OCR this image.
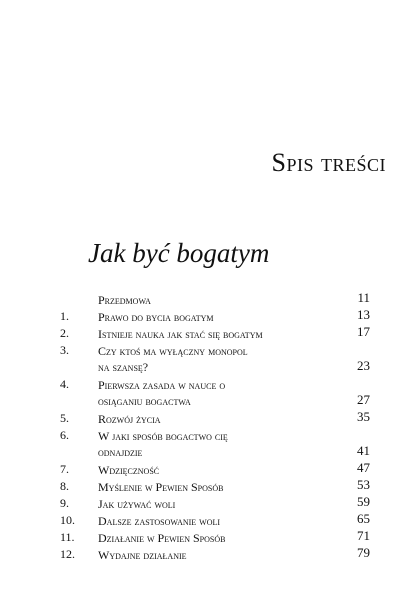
Spis treści
Jak być bogatym
Przedmowa	11
1.	Prawo do bycia bogatym	13
2.	Istnieje nauka jak stać się bogatym	17
3.	Czy ktoś ma wyłączny monopol
na szansę?	23
4.	Pierwsza zasada w nauce o
osiąganiu bogactwa	27
5.	Rozwój życia	35
6.	W jaki sposób bogactwo cię
odnajdzie	41
7.	Wdzięczność	47
8.	Myślenie w Pewien Sposób	53
9.	Jak używać woli	59
10.	Dalsze zastosowanie woli	65
11.	Działanie w Pewien Sposób	71
12.	Wydajne działanie	79
